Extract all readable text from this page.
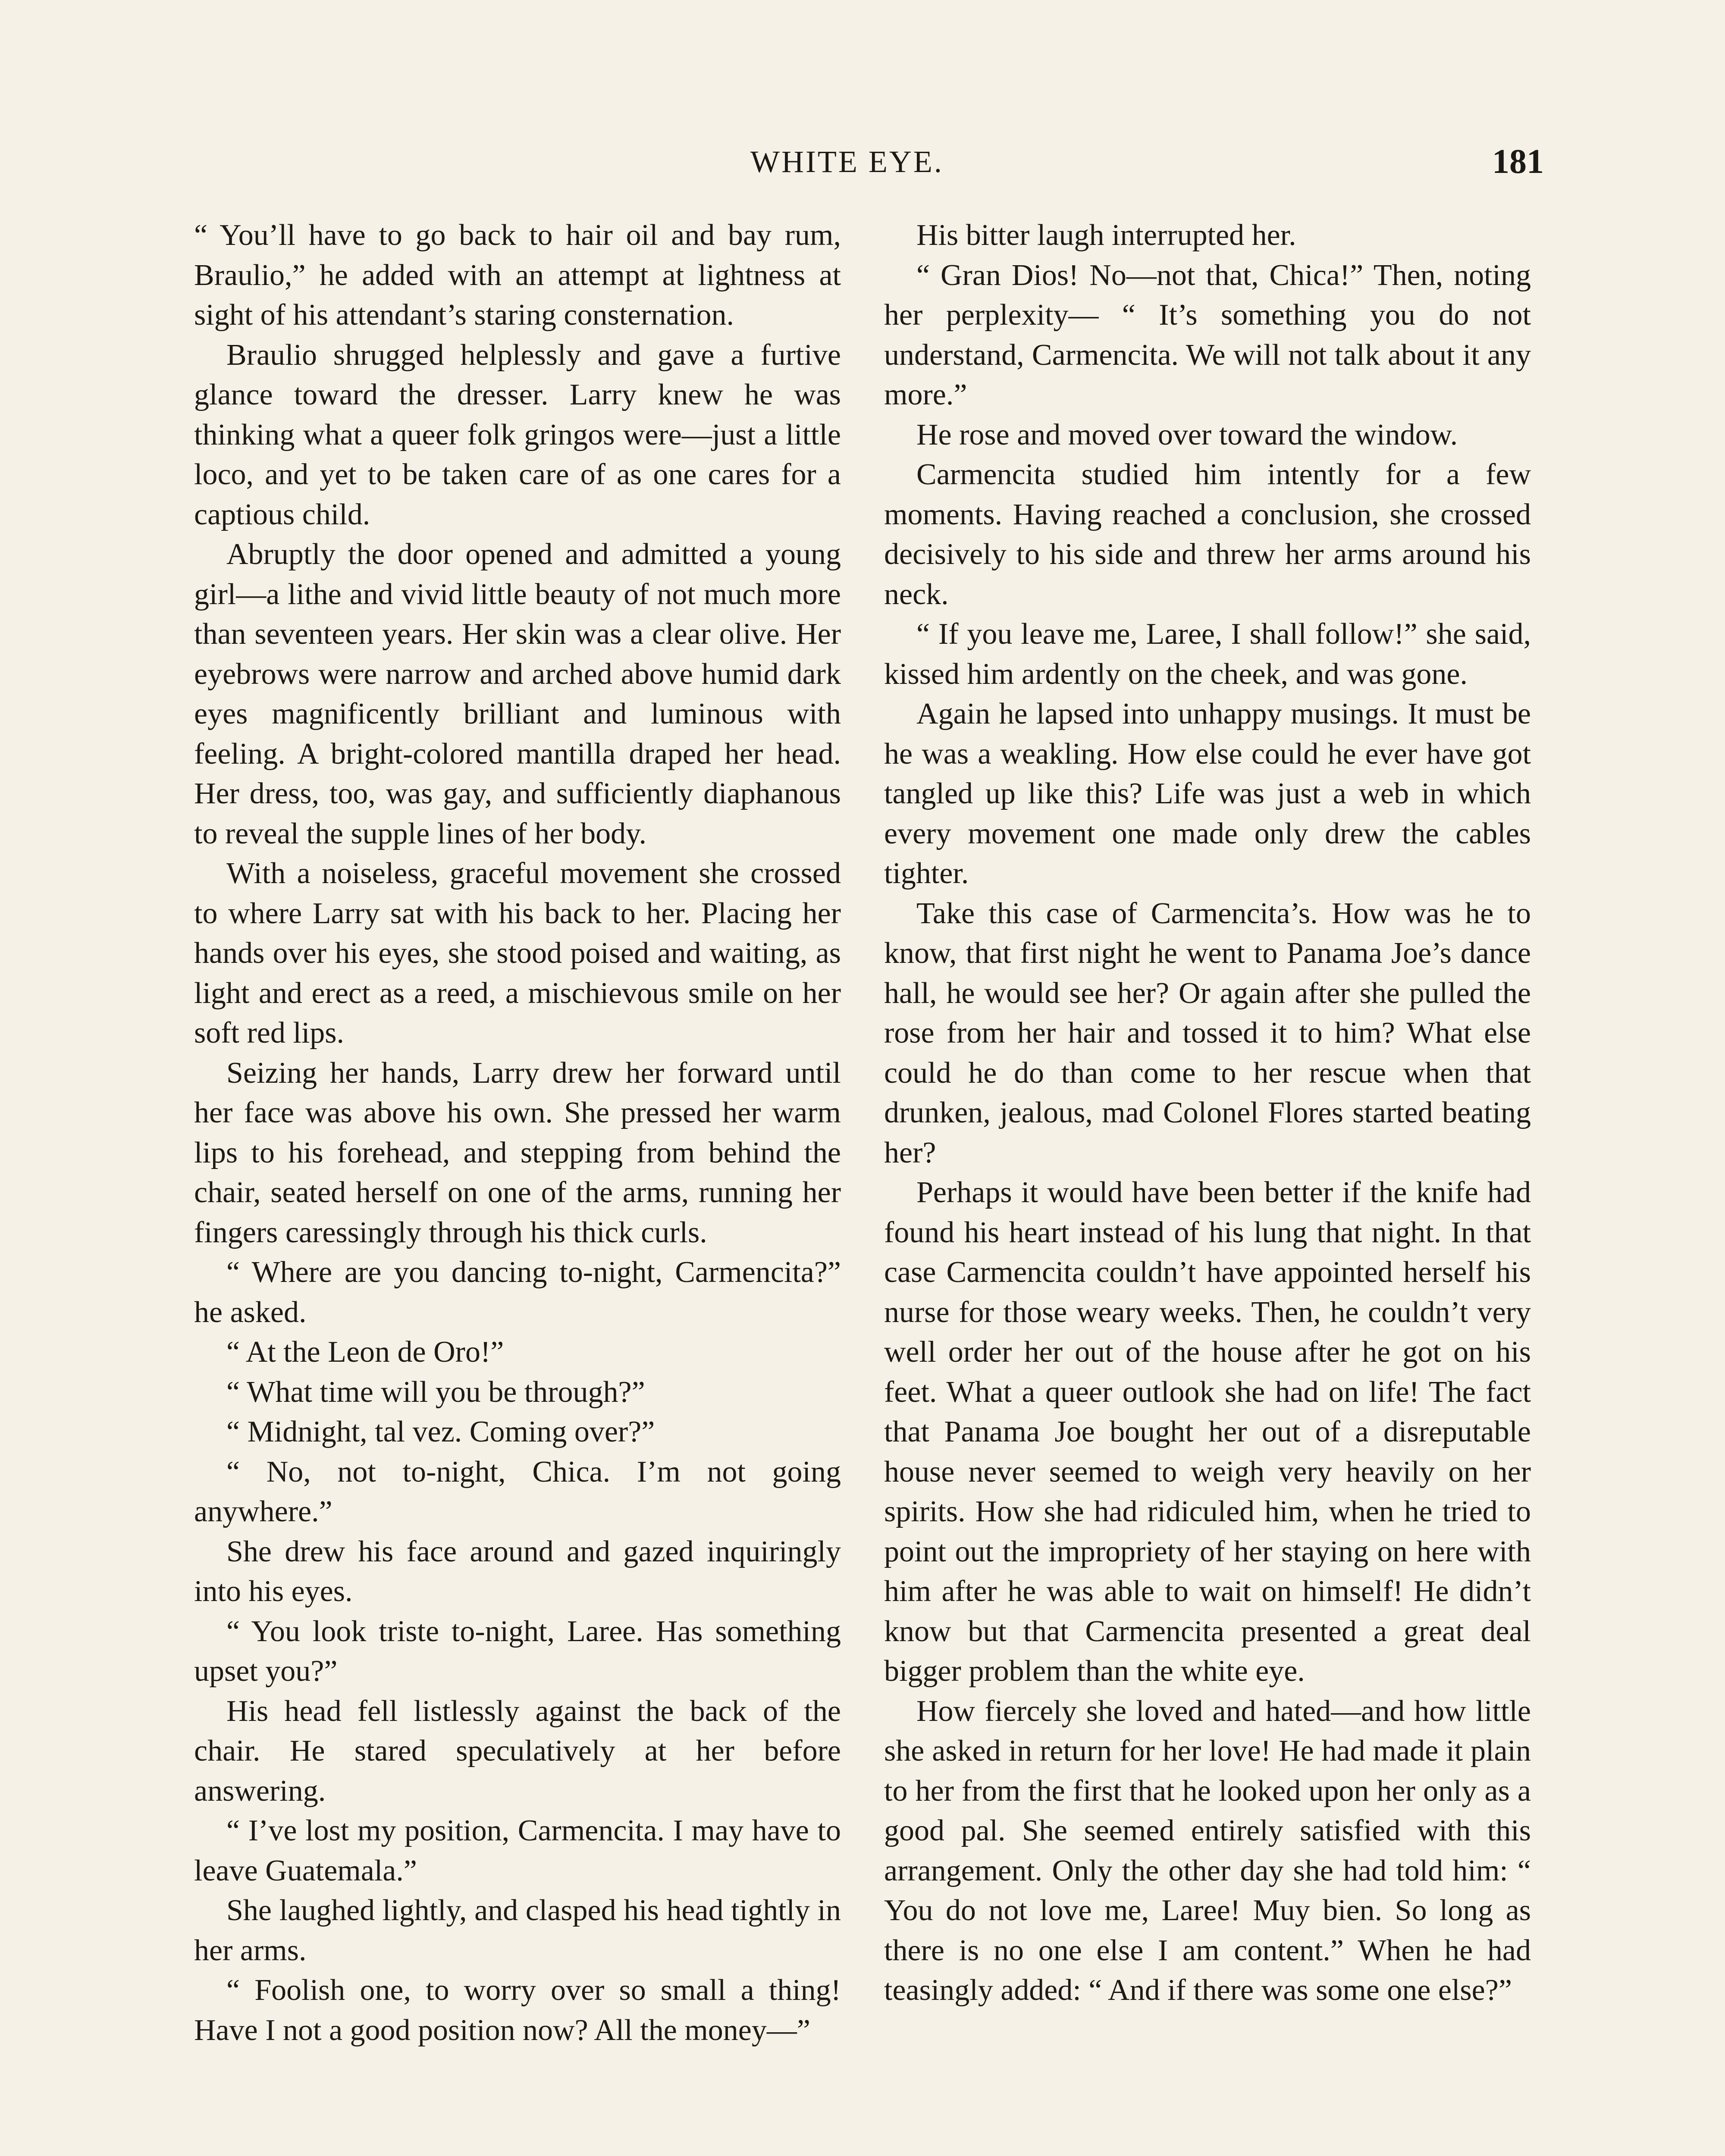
WHITE EYE.	181

“ You’ll have to go back to hair oil and bay rum, Braulio,” he added with an attempt at lightness at sight of his attendant’s staring consternation.

Braulio shrugged helplessly and gave a furtive glance toward the dresser. Larry knew he was thinking what a queer folk gringos were—just a little loco, and yet to be taken care of as one cares for a captious child.

Abruptly the door opened and admitted a young girl—a lithe and vivid little beauty of not much more than seventeen years. Her skin was a clear olive. Her eyebrows were narrow and arched above humid dark eyes magnificently brilliant and luminous with feeling. A bright-colored mantilla draped her head. Her dress, too, was gay, and sufficiently diaphanous to reveal the supple lines of her body.

With a noiseless, graceful movement she crossed to where Larry sat with his back to her. Placing her hands over his eyes, she stood poised and waiting, as light and erect as a reed, a mischievous smile on her soft red lips.

Seizing her hands, Larry drew her forward until her face was above his own. She pressed her warm lips to his forehead, and stepping from behind the chair, seated herself on one of the arms, running her fingers caressingly through his thick curls.

“ Where are you dancing to-night, Carmencita?” he asked.

“ At the Leon de Oro!”

“ What time will you be through?”

“ Midnight, tal vez. Coming over?”

“ No, not to-night, Chica. I’m not going anywhere.”

She drew his face around and gazed inquiringly into his eyes.

“ You look triste to-night, Laree. Has something upset you?”

His head fell listlessly against the back of the chair. He stared speculatively at her before answering.

“ I’ve lost my position, Carmencita. I may have to leave Guatemala.”

She laughed lightly, and clasped his head tightly in her arms.

“ Foolish one, to worry over so small a thing! Have I not a good position now? All the money—”

His bitter laugh interrupted her.

“ Gran Dios! No—not that, Chica!” Then, noting her perplexity— “ It’s something you do not understand, Carmencita. We will not talk about it any more.”

He rose and moved over toward the window.

Carmencita studied him intently for a few moments. Having reached a conclusion, she crossed decisively to his side and threw her arms around his neck.

“ If you leave me, Laree, I shall follow!” she said, kissed him ardently on the cheek, and was gone.

Again he lapsed into unhappy musings. It must be he was a weakling. How else could he ever have got tangled up like this? Life was just a web in which every movement one made only drew the cables tighter.

Take this case of Carmencita’s. How was he to know, that first night he went to Panama Joe’s dance hall, he would see her? Or again after she pulled the rose from her hair and tossed it to him? What else could he do than come to her rescue when that drunken, jealous, mad Colonel Flores started beating her?

Perhaps it would have been better if the knife had found his heart instead of his lung that night. In that case Carmencita couldn’t have appointed herself his nurse for those weary weeks. Then, he couldn’t very well order her out of the house after he got on his feet. What a queer outlook she had on life! The fact that Panama Joe bought her out of a disreputable house never seemed to weigh very heavily on her spirits. How she had ridiculed him, when he tried to point out the impropriety of her staying on here with him after he was able to wait on himself! He didn’t know but that Carmencita presented a great deal bigger problem than the white eye.

How fiercely she loved and hated—and how little she asked in return for her love! He had made it plain to her from the first that he looked upon her only as a good pal. She seemed entirely satisfied with this arrangement. Only the other day she had told him: “ You do not love me, Laree! Muy bien. So long as there is no one else I am content.” When he had teasingly added: “ And if there was some one else?”
